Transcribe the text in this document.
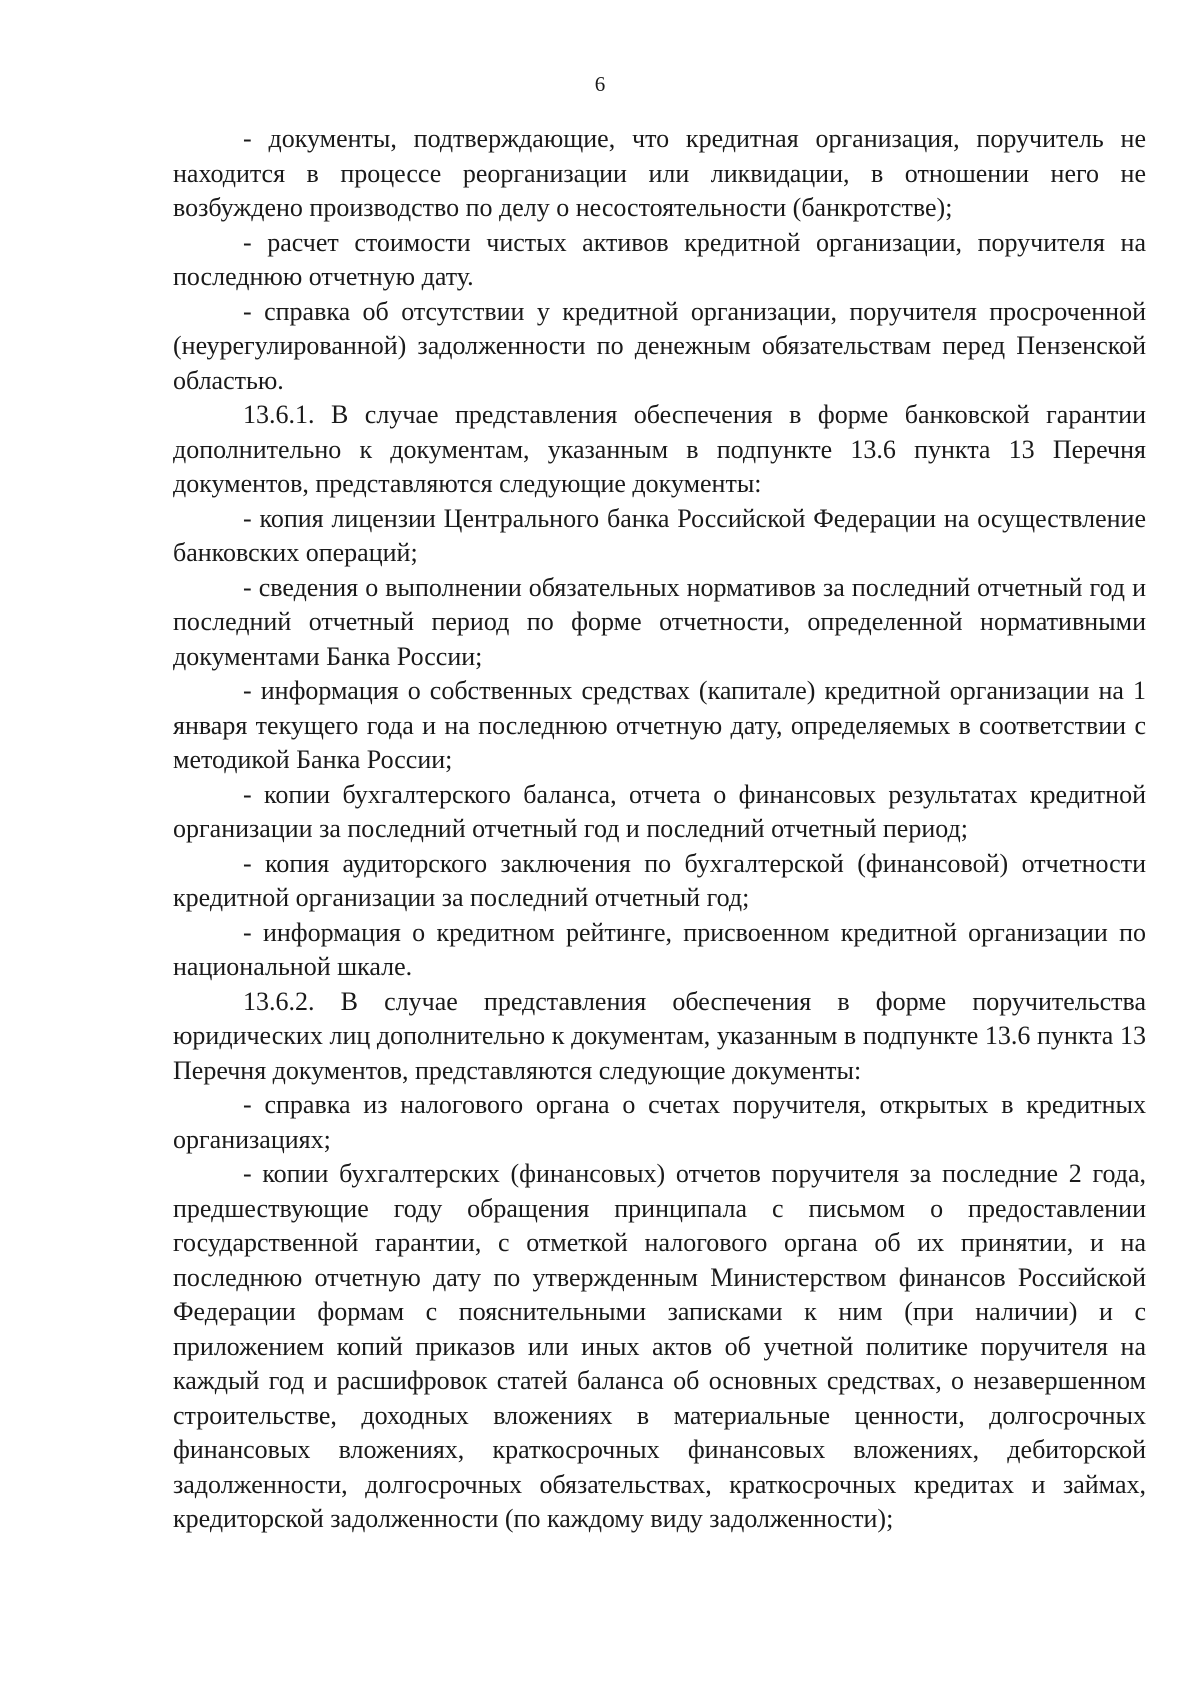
6

- документы, подтверждающие, что кредитная организация, поручитель не находится в процессе реорганизации или ликвидации, в отношении него не возбуждено производство по делу о несостоятельности (банкротстве);

- расчет стоимости чистых активов кредитной организации, поручителя на последнюю отчетную дату.

- справка об отсутствии у кредитной организации, поручителя просроченной (неурегулированной) задолженности по денежным обязательствам перед Пензенской областью.

13.6.1. В случае представления обеспечения в форме банковской гарантии дополнительно к документам, указанным в подпункте 13.6 пункта 13 Перечня документов, представляются следующие документы:

- копия лицензии Центрального банка Российской Федерации на осуществление банковских операций;

- сведения о выполнении обязательных нормативов за последний отчетный год и последний отчетный период по форме отчетности, определенной нормативными документами Банка России;

- информация о собственных средствах (капитале) кредитной организации на 1 января текущего года и на последнюю отчетную дату, определяемых в соответствии с методикой Банка России;

- копии бухгалтерского баланса, отчета о финансовых результатах кредитной организации за последний отчетный год и последний отчетный период;

- копия аудиторского заключения по бухгалтерской (финансовой) отчетности кредитной организации за последний отчетный год;

- информация о кредитном рейтинге, присвоенном кредитной организации по национальной шкале.

13.6.2. В случае представления обеспечения в форме поручительства юридических лиц дополнительно к документам, указанным в подпункте 13.6 пункта 13 Перечня документов, представляются следующие документы:

- справка из налогового органа о счетах поручителя, открытых в кредитных организациях;

- копии бухгалтерских (финансовых) отчетов поручителя за последние 2 года, предшествующие году обращения принципала с письмом о предоставлении государственной гарантии, с отметкой налогового органа об их принятии, и на последнюю отчетную дату по утвержденным Министерством финансов Российской Федерации формам с пояснительными записками к ним (при наличии) и с приложением копий приказов или иных актов об учетной политике поручителя на каждый год и расшифровок статей баланса об основных средствах, о незавершенном строительстве, доходных вложениях в материальные ценности, долгосрочных финансовых вложениях, краткосрочных финансовых вложениях, дебиторской задолженности, долгосрочных обязательствах, краткосрочных кредитах и займах, кредиторской задолженности (по каждому виду задолженности);
